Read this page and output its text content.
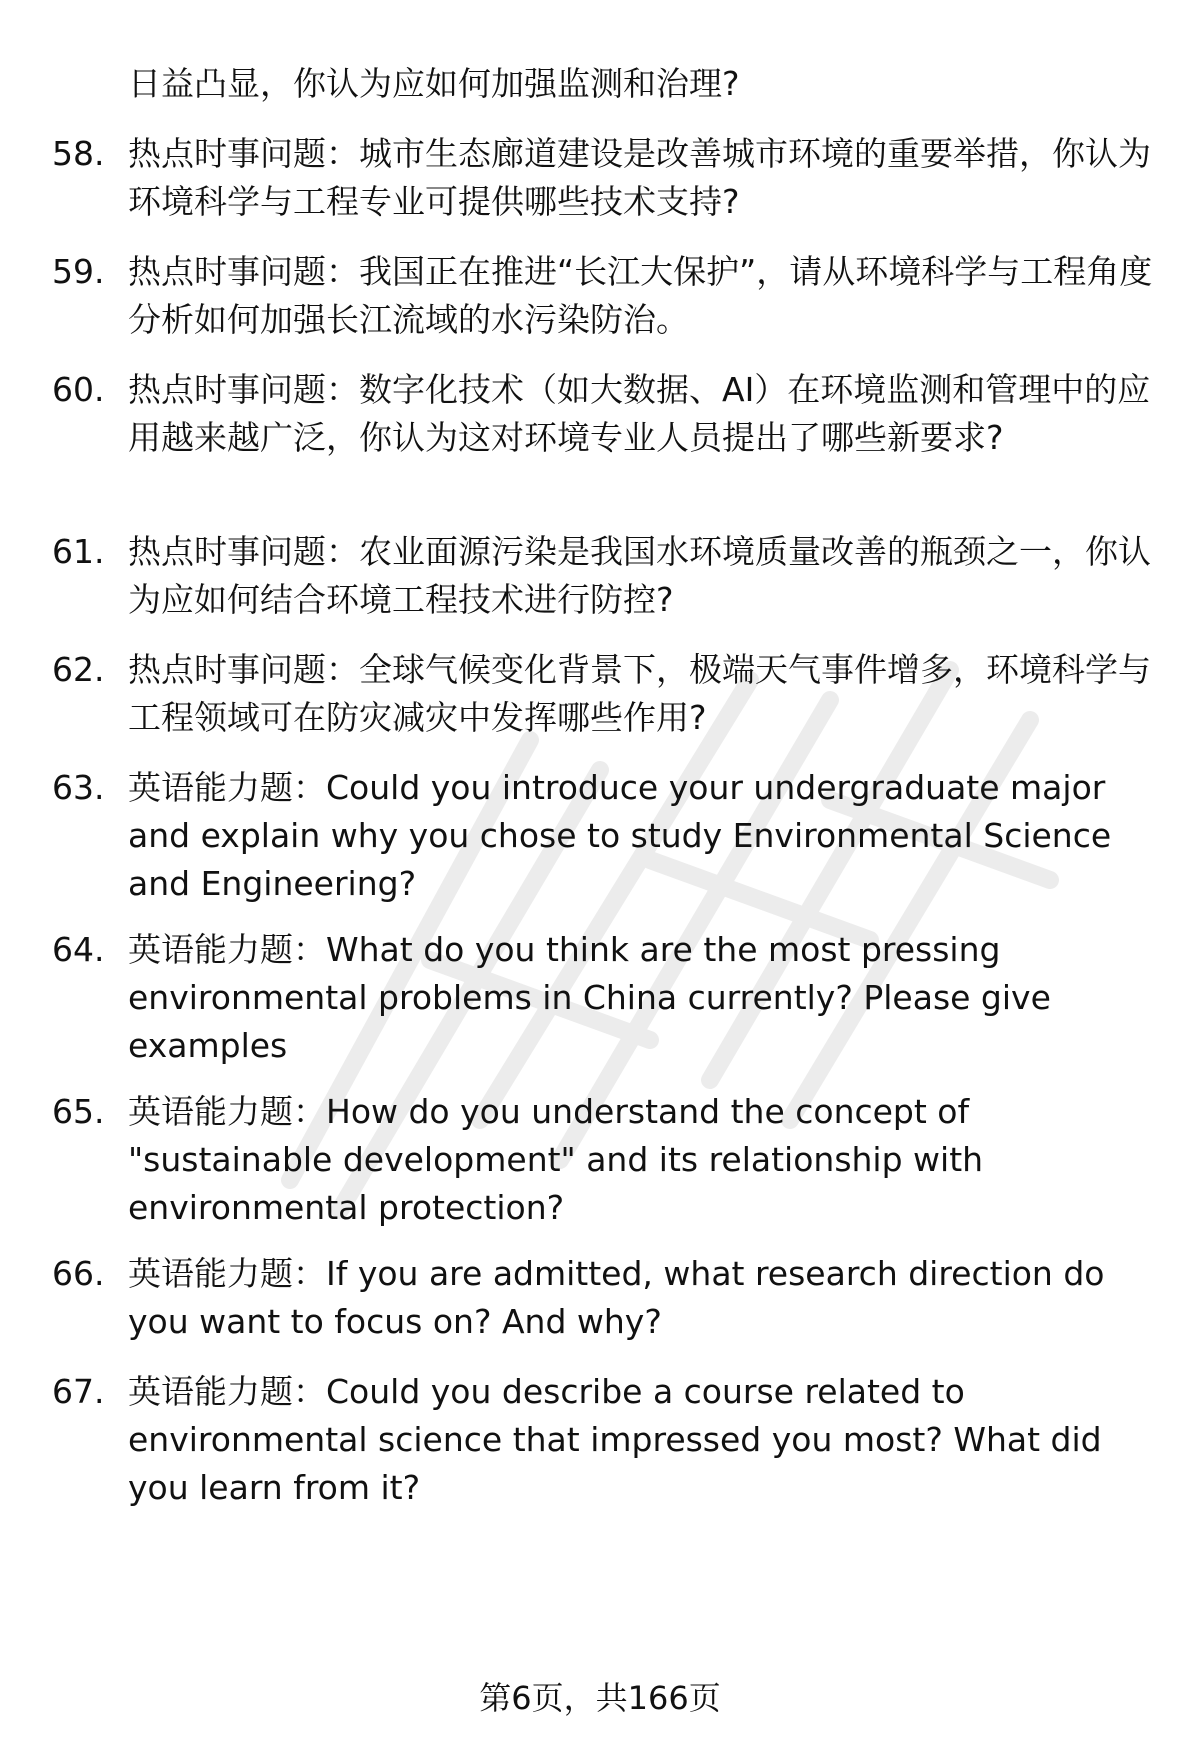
日益凸显，你认为应如何加强监测和治理?
58. 热点时事问题：城市生态廊道建设是改善城市环境的重要举措，你认为环境科学与工程专业可提供哪些技术支持?
59. 热点时事问题：我国正在推进“长江大保护”，请从环境科学与工程角度分析如何加强长江流域的水污染防治。
60. 热点时事问题：数字化技术（如大数据、AI）在环境监测和管理中的应用越来越广泛，你认为这对环境专业人员提出了哪些新要求?
61. 热点时事问题：农业面源污染是我国水环境质量改善的瓶颈之一，你认为应如何结合环境工程技术进行防控?
62. 热点时事问题：全球气候变化背景下，极端天气事件增多，环境科学与工程领域可在防灾减灾中发挥哪些作用?
63. 英语能力题：Could you introduce your undergraduate major and explain why you chose to study Environmental Science and Engineering?
64. 英语能力题：What do you think are the most pressing environmental problems in China currently? Please give examples
65. 英语能力题：How do you understand the concept of "sustainable development" and its relationship with environmental protection?
66. 英语能力题：If you are admitted, what research direction do you want to focus on? And why?
67. 英语能力题：Could you describe a course related to environmental science that impressed you most? What did you learn from it?
第6页，共166页
